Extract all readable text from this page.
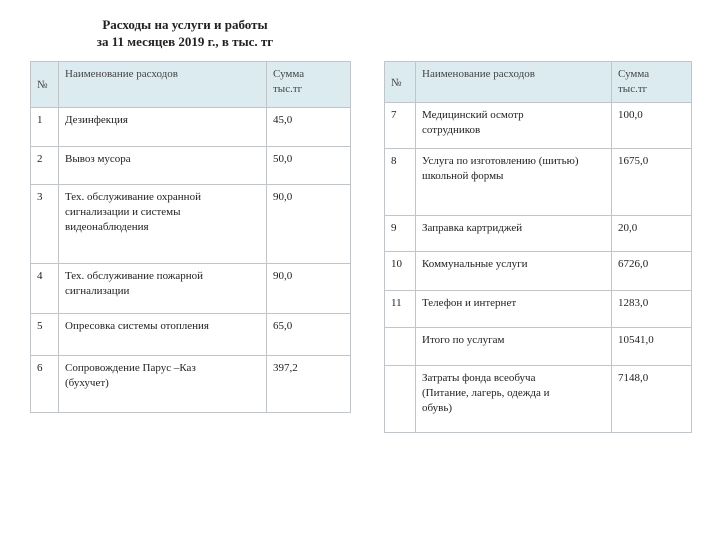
Расходы на услуги и работы
за 11 месяцев 2019 г., в тыс. тг
№	Наименование расходов	Сумма
тыс.тг

1	Дезинфекция	45,0
2	Вывоз мусора	50,0
3	Тех. обслуживание охранной
сигнализации и системы
видеонаблюдения	90,0
4	Тех. обслуживание пожарной
сигнализации	90,0
5	Опресовка системы отопления	65,0
6	Сопровождение Парус –Каз
(бухучет)	397,2
№	Наименование расходов	Сумма
тыс.тг

7	Медицинский осмотр
сотрудников	100,0
8	Услуга по изготовлению (шитью)
школьной формы	1675,0
9	Заправка картриджей	20,0
10	Коммунальные услуги	6726,0
11	Телефон и интернет	1283,0

	Итого по услугам	10541,0

	Затраты фонда всеобуча
(Питание, лагерь, одежда и
обувь)	7148,0
